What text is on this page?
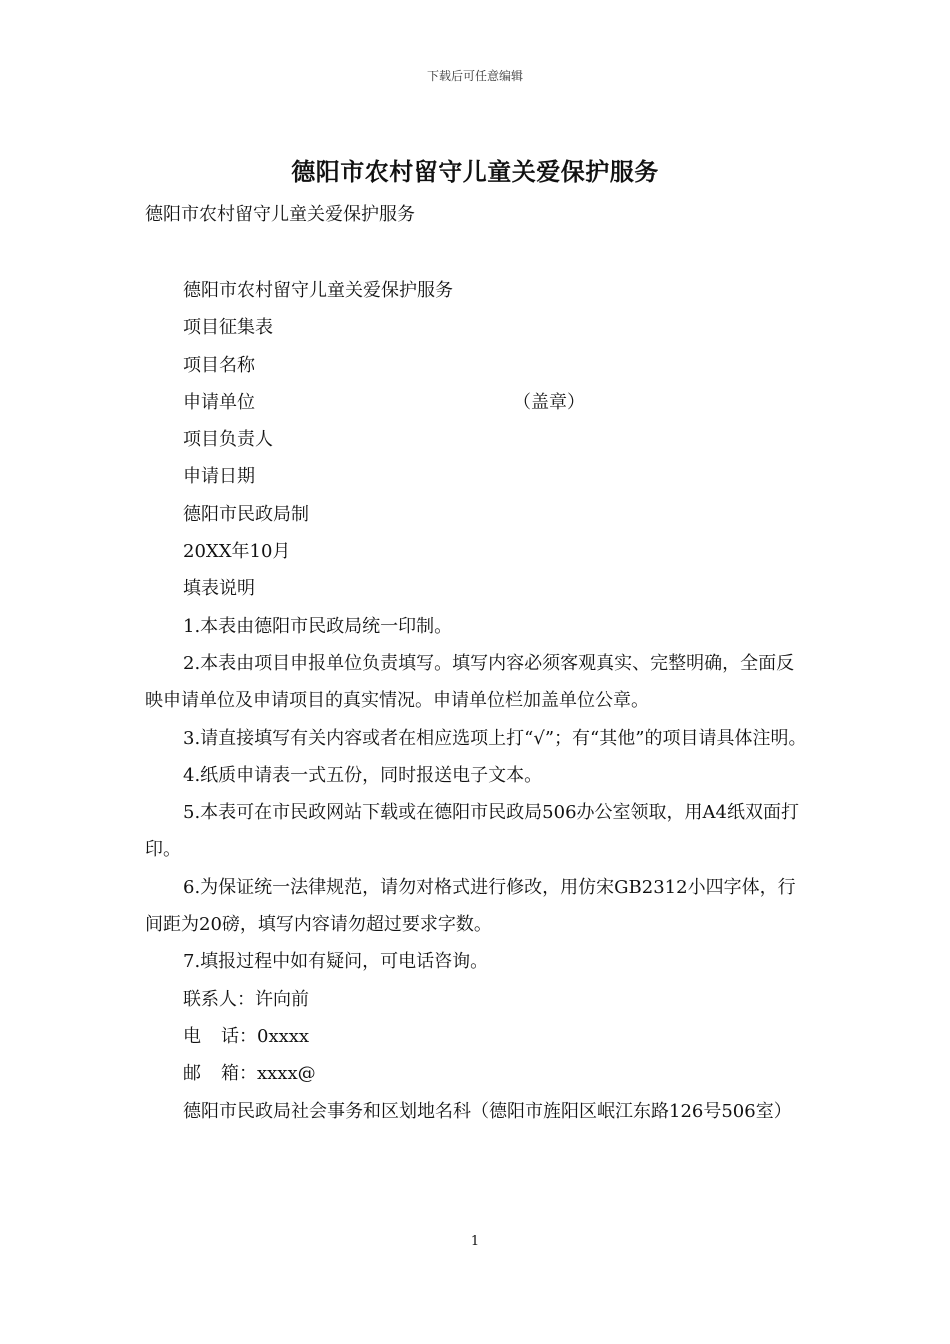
下载后可任意编辑
德阳市农村留守儿童关爱保护服务
德阳市农村留守儿童关爱保护服务
德阳市农村留守儿童关爱保护服务
项目征集表
项目名称
申请单位	（盖章）
项目负责人
申请日期
德阳市民政局制
20XX年10月
填表说明

1.本表由德阳市民政局统一印制。

2.本表由项目申报单位负责填写。填写内容必须客观真实、完整明确，全面反映申请单位及申请项目的真实情况。申请单位栏加盖单位公章。

3.请直接填写有关内容或者在相应选项上打“√”；有“其他”的项目请具体注明。

4.纸质申请表一式五份，同时报送电子文本。

5.本表可在市民政网站下载或在德阳市民政局506办公室领取，用A4纸双面打印。

6.为保证统一法律规范，请勿对格式进行修改，用仿宋GB2312小四字体，行间距为20磅，填写内容请勿超过要求字数。

7.填报过程中如有疑问，可电话咨询。

联系人：许向前
电 话：0xxxx
邮 箱：xxxx@

德阳市民政局社会事务和区划地名科（德阳市旌阳区岷江东路126号506室）

1
